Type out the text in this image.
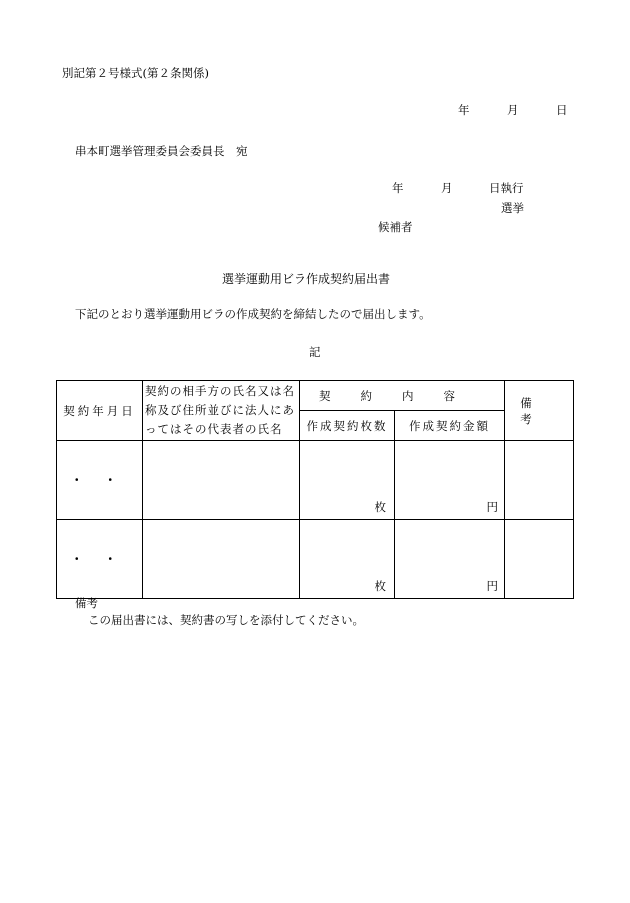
別記第２号様式(第２条関係)
年	月	日
串本町選挙管理委員会委員長　宛
年	月	日執行
選挙
候補者
選挙運動用ビラ作成契約届出書
下記のとおり選挙運動用ビラの作成契約を締結したので届出します。
記
契約年月日	契約の相手方の氏名又は名称及び住所並びに法人にあってはその代表者の氏名	契約内容		備考
		作成契約枚数	作成契約金額	
・・		枚	円	
・・		枚	円	
備考
この届出書には、契約書の写しを添付してください。
